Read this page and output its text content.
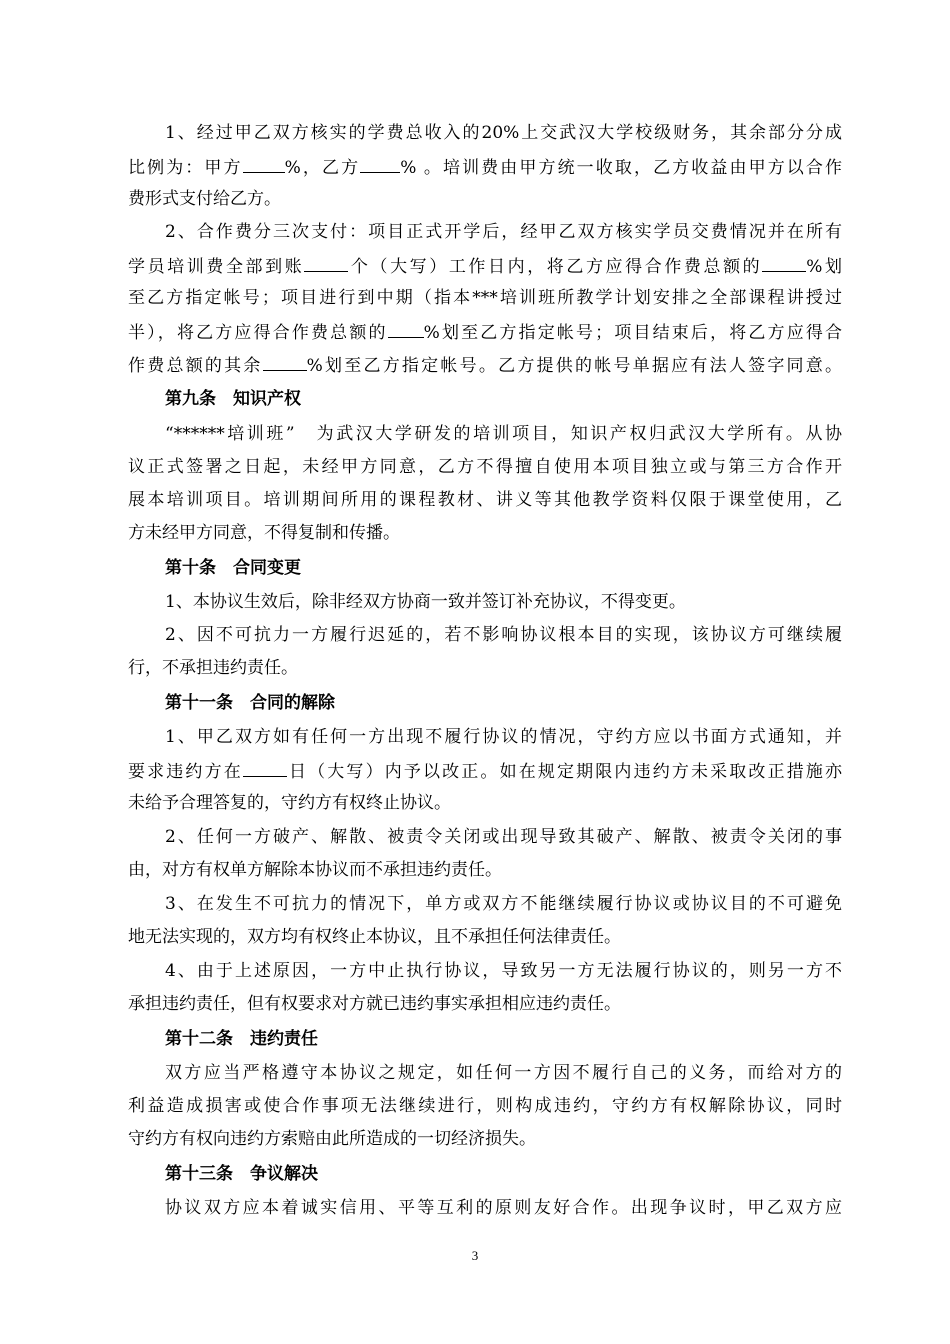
1、经过甲乙双方核实的学费总收入的20%上交武汉大学校级财务，其余部分分成
比例为：甲方 %，乙方 % 。培训费由甲方统一收取，乙方收益由甲方以合作
费形式支付给乙方。
2、合作费分三次支付：项目正式开学后，经甲乙双方核实学员交费情况并在所有
学员培训费全部到账	个（大写）工作日内，将乙方应得合作费总额的	%划
至乙方指定帐号；项目进行到中期（指本***培训班所教学计划安排之全部课程讲授过
半），将乙方应得合作费总额的 %划至乙方指定帐号；项目结束后，将乙方应得合
作费总额的其余	%划至乙方指定帐号。乙方提供的帐号单据应有法人签字同意。
第九条　知识产权
“******培训班”　为武汉大学研发的培训项目，知识产权归武汉大学所有。从协
议正式签署之日起，未经甲方同意，乙方不得擅自使用本项目独立或与第三方合作开
展本培训项目。培训期间所用的课程教材、讲义等其他教学资料仅限于课堂使用，乙
方未经甲方同意，不得复制和传播。
第十条　合同变更
1、本协议生效后，除非经双方协商一致并签订补充协议，不得变更。
2、因不可抗力一方履行迟延的，若不影响协议根本目的实现，该协议方可继续履
行，不承担违约责任。
第十一条　合同的解除
1、甲乙双方如有任何一方出现不履行协议的情况，守约方应以书面方式通知，并
要求违约方在	日（大写）内予以改正。如在规定期限内违约方未采取改正措施亦
未给予合理答复的，守约方有权终止协议。
2、任何一方破产、解散、被责令关闭或出现导致其破产、解散、被责令关闭的事
由，对方有权单方解除本协议而不承担违约责任。
3、在发生不可抗力的情况下，单方或双方不能继续履行协议或协议目的不可避免
地无法实现的，双方均有权终止本协议，且不承担任何法律责任。
4、由于上述原因，一方中止执行协议，导致另一方无法履行协议的，则另一方不
承担违约责任，但有权要求对方就已违约事实承担相应违约责任。
第十二条　违约责任
双方应当严格遵守本协议之规定，如任何一方因不履行自己的义务，而给对方的
利益造成损害或使合作事项无法继续进行，则构成违约，守约方有权解除协议，同时
守约方有权向违约方索赔由此所造成的一切经济损失。
第十三条　争议解决
协议双方应本着诚实信用、平等互利的原则友好合作。出现争议时，甲乙双方应
3
